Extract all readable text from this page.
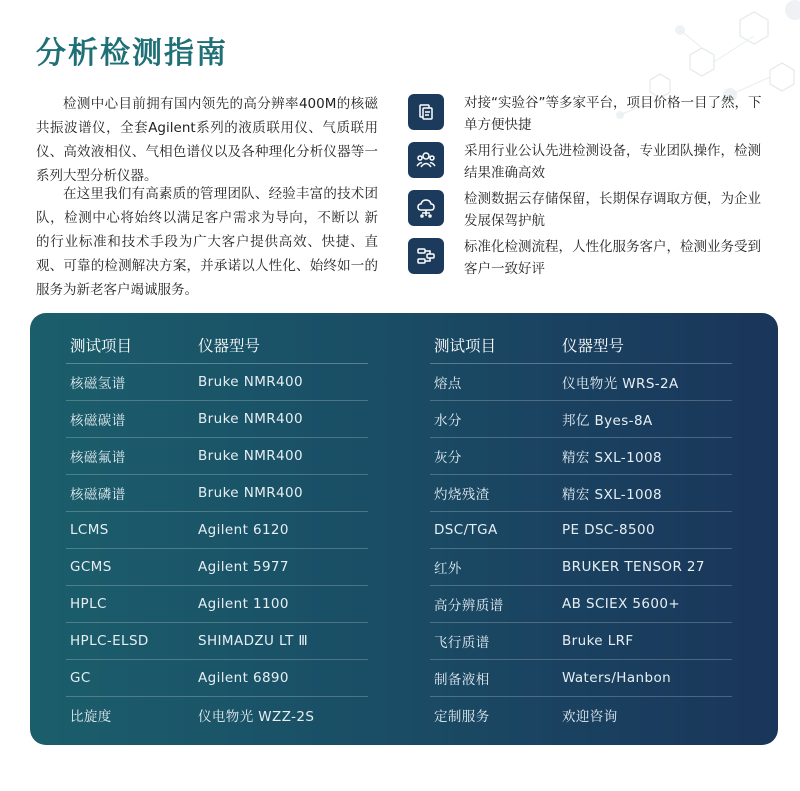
分析检测指南

检测中心目前拥有国内领先的高分辨率400M的核磁共振波谱仪，全套Agilent系列的液质联用仪、气质联用仪、高效液相仪、气相色谱仪以及各种理化分析仪器等一系列大型分析仪器。

在这里我们有高素质的管理团队、经验丰富的技术团队，检测中心将始终以满足客户需求为导向，不断以 新 的行业标准和技术手段为广大客户提供高效、快捷、直观、可靠的检测解决方案，并承诺以人性化、始终如一的服务为新老客户竭诚服务。

对接“实验谷”等多家平台，项目价格一目了然，下单方便快捷
采用行业公认先进检测设备，专业团队操作，检测结果准确高效
检测数据云存储保留，长期保存调取方便，为企业发展保驾护航
标准化检测流程，人性化服务客户，检测业务受到客户一致好评
测试项目	仪器型号
核磁氢谱	Bruke NMR400
核磁碳谱	Bruke NMR400
核磁氟谱	Bruke NMR400
核磁磷谱	Bruke NMR400
LCMS	Agilent 6120
GCMS	Agilent 5977
HPLC	Agilent 1100
HPLC-ELSD	SHIMADZU LT Ⅲ
GC	Agilent 6890
比旋度	仪电物光 WZZ-2S
测试项目	仪器型号
熔点	仪电物光 WRS-2A
水分	邦亿 Byes-8A
灰分	精宏 SXL-1008
灼烧残渣	精宏 SXL-1008
DSC/TGA	PE DSC-8500
红外	BRUKER TENSOR 27
高分辨质谱	AB SCIEX 5600+
飞行质谱	Bruke LRF
制备液相	Waters/Hanbon
定制服务	欢迎咨询
